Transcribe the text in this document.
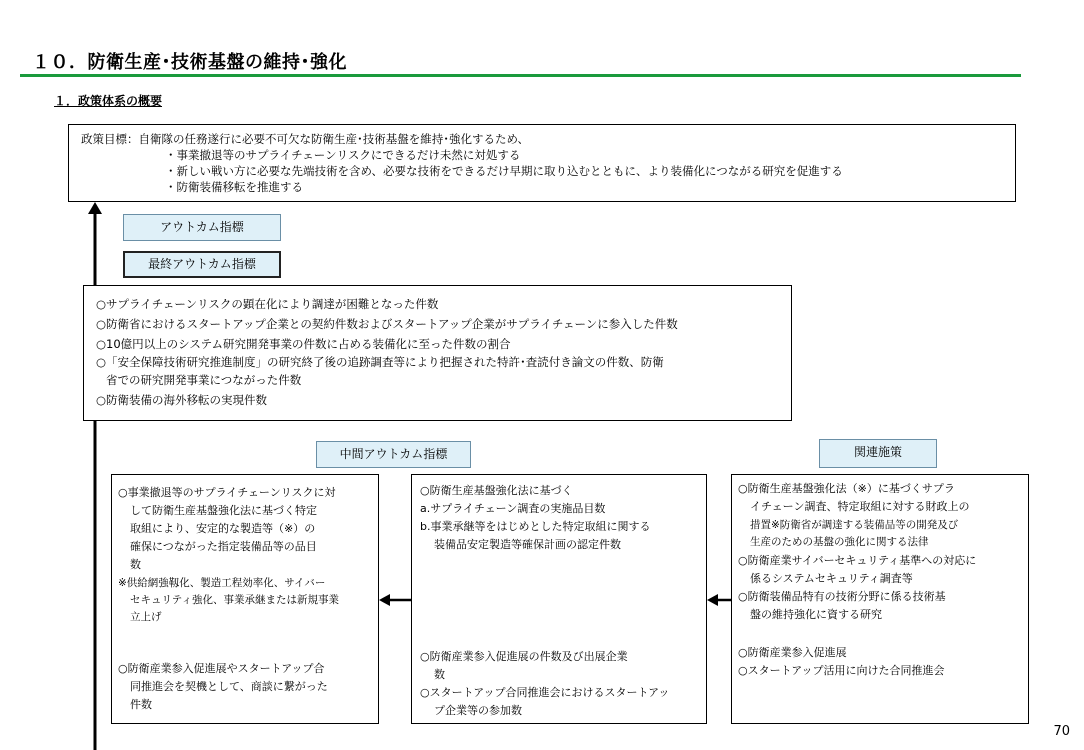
１０．防衛生産･技術基盤の維持･強化
１．政策体系の概要
政策目標：自衛隊の任務遂行に必要不可欠な防衛生産･技術基盤を維持･強化するため、
・事業撤退等のサプライチェーンリスクにできるだけ未然に対処する
・新しい戦い方に必要な先端技術を含め、必要な技術をできるだけ早期に取り込むとともに、より装備化につながる研究を促進する
・防衛装備移転を推進する
アウトカム指標
最終アウトカム指標
○サプライチェーンリスクの顕在化により調達が困難となった件数
○防衛省におけるスタートアップ企業との契約件数およびスタートアップ企業がサプライチェーンに参入した件数
○10億円以上のシステム研究開発事業の件数に占める装備化に至った件数の割合
○「安全保障技術研究推進制度」の研究終了後の追跡調査等により把握された特許･査読付き論文の件数、防衛
省での研究開発事業につながった件数
○防衛装備の海外移転の実現件数
中間アウトカム指標	関連施策
○事業撤退等のサプライチェーンリスクに対
して防衛生産基盤強化法に基づく特定
取組により、安定的な製造等（※）の
確保につながった指定装備品等の品目
数
※供給網強靱化、製造工程効率化、サイバー
セキュリティ強化、事業承継または新規事業
立上げ
○防衛産業参入促進展やスタートアップ合
同推進会を契機として、商談に繋がった
件数
○防衛生産基盤強化法に基づく
a.サプライチェーン調査の実施品目数
b.事業承継等をはじめとした特定取組に関する
装備品安定製造等確保計画の認定件数
○防衛産業参入促進展の件数及び出展企業
数
○スタートアップ合同推進会におけるスタートアッ
プ企業等の参加数
○防衛生産基盤強化法（※）に基づくサプラ
イチェーン調査、特定取組に対する財政上の
措置※防衛省が調達する装備品等の開発及び
生産のための基盤の強化に関する法律
○防衛産業サイバーセキュリティ基準への対応に
係るシステムセキュリティ調査等
○防衛装備品特有の技術分野に係る技術基
盤の維持強化に資する研究
○防衛産業参入促進展
○スタートアップ活用に向けた合同推進会
70
